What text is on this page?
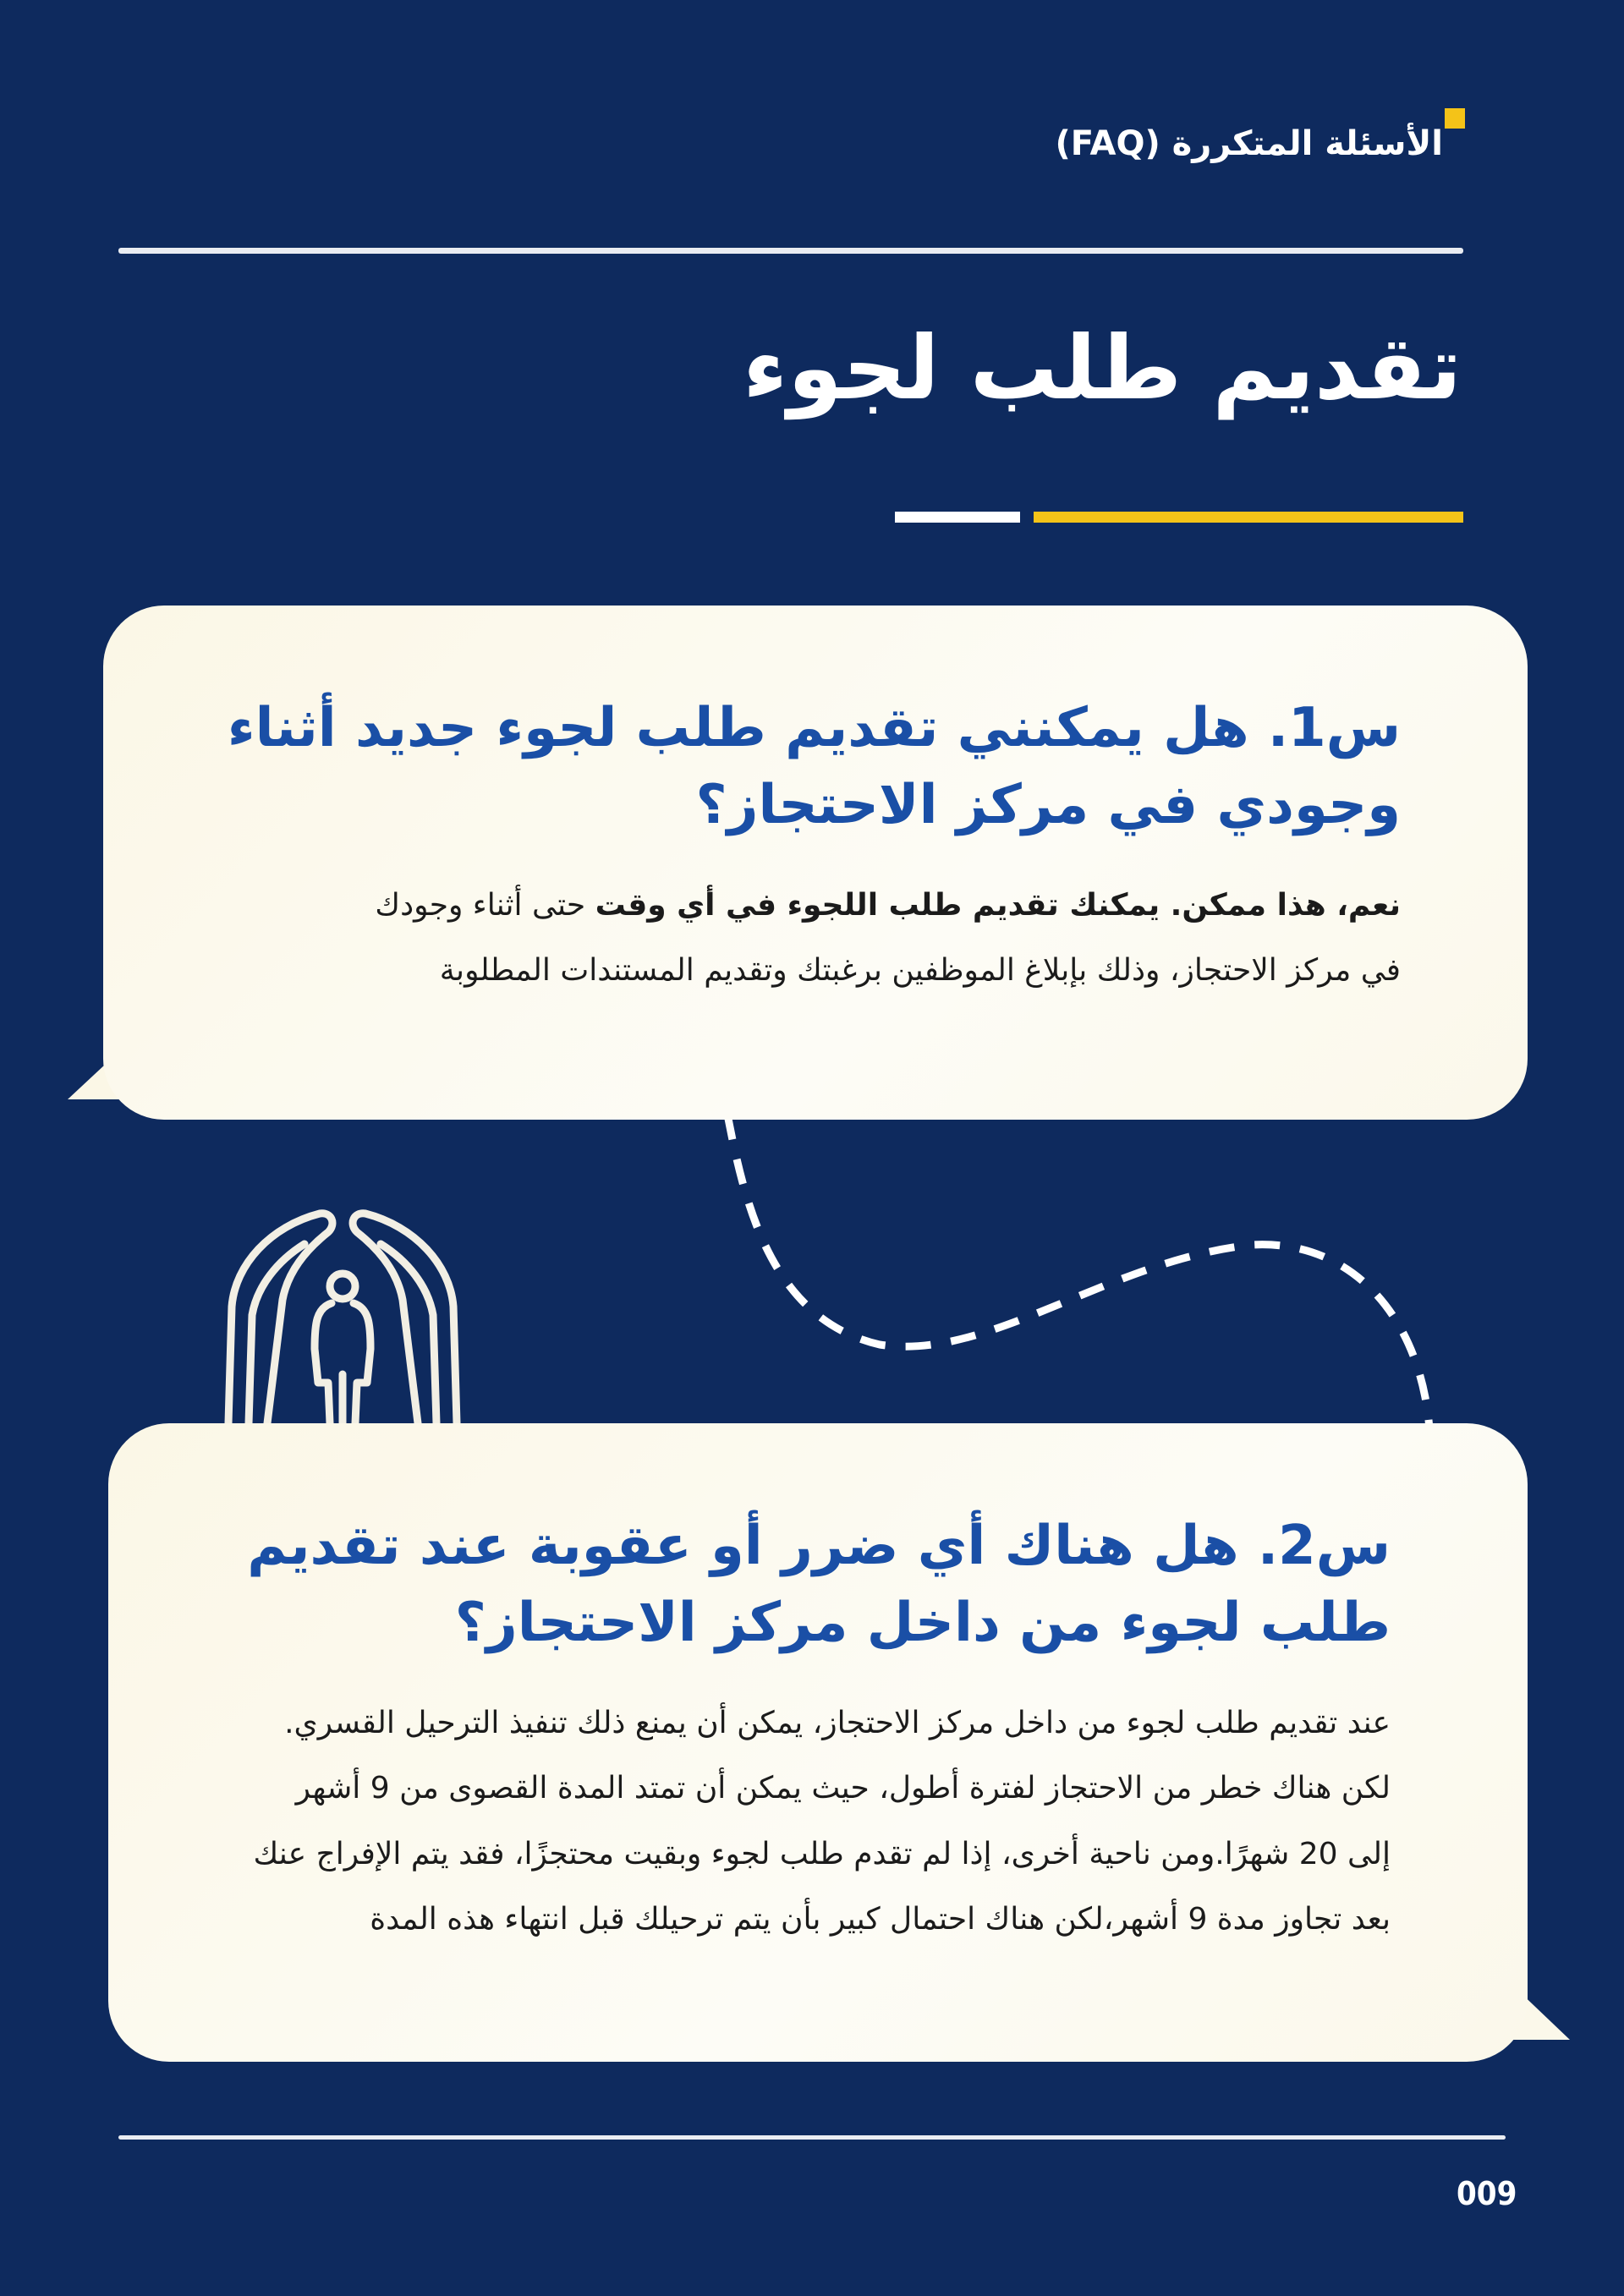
الأسئلة المتكررة (FAQ)
تقديم طلب لجوء
س1. هل يمكنني تقديم طلب لجوء جديد أثناء
وجودي في مركز الاحتجاز؟
نعم، هذا ممكن. يمكنك تقديم طلب اللجوء في أي وقت حتى أثناء وجودك
في مركز الاحتجاز، وذلك بإبلاغ الموظفين برغبتك وتقديم المستندات المطلوبة
س2. هل هناك أي ضرر أو عقوبة عند تقديم
طلب لجوء من داخل مركز الاحتجاز؟
عند تقديم طلب لجوء من داخل مركز الاحتجاز، يمكن أن يمنع ذلك تنفيذ الترحيل القسري.
لكن هناك خطر من الاحتجاز لفترة أطول، حيث يمكن أن تمتد المدة القصوى من 9 أشهر
إلى 20 شهرًا.ومن ناحية أخرى، إذا لم تقدم طلب لجوء وبقيت محتجزًا، فقد يتم الإفراج عنك
بعد تجاوز مدة 9 أشهر،لكن هناك احتمال كبير بأن يتم ترحيلك قبل انتهاء هذه المدة
009
